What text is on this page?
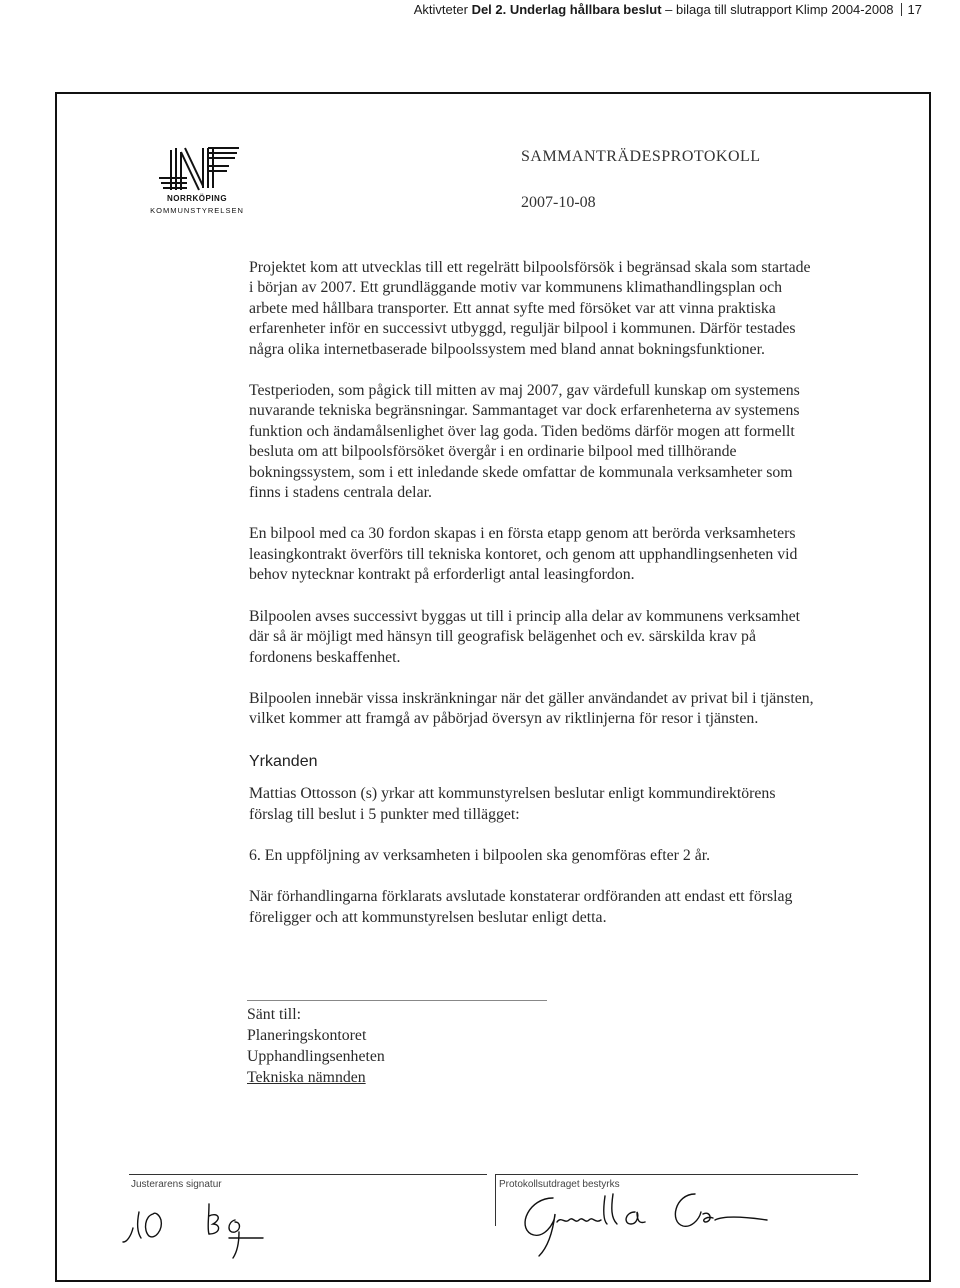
Aktivteter Del 2. Underlag hållbara beslut – bilaga till slutrapport Klimp 2004-2008 17
NORRKÖPING
KOMMUNSTYRELSEN
SAMMANTRÄDESPROTOKOLL
2007-10-08

Projektet kom att utvecklas till ett regelrätt bilpoolsförsök i begränsad skala som startade i början av 2007. Ett grundläggande motiv var kommunens klimathandlingsplan och arbete med hållbara transporter. Ett annat syfte med försöket var att vinna praktiska erfarenheter inför en successivt utbyggd, reguljär bilpool i kommunen. Därför testades några olika internetbaserade bilpoolssystem med bland annat bokningsfunktioner.

Testperioden, som pågick till mitten av maj 2007, gav värdefull kunskap om systemens nuvarande tekniska begränsningar. Sammantaget var dock erfarenheterna av systemens funktion och ändamålsenlighet över lag goda. Tiden bedöms därför mogen att formellt besluta om att bilpoolsförsöket övergår i en ordinarie bilpool med tillhörande bokningssystem, som i ett inledande skede omfattar de kommunala verksamheter som finns i stadens centrala delar.

En bilpool med ca 30 fordon skapas i en första etapp genom att berörda verksamheters leasingkontrakt överförs till tekniska kontoret, och genom att upphandlingsenheten vid behov nytecknar kontrakt på erforderligt antal leasingfordon.

Bilpoolen avses successivt byggas ut till i princip alla delar av kommunens verksamhet där så är möjligt med hänsyn till geografisk belägenhet och ev. särskilda krav på fordonens beskaffenhet.

Bilpoolen innebär vissa inskränkningar när det gäller användandet av privat bil i tjänsten, vilket kommer att framgå av påbörjad översyn av riktlinjerna för resor i tjänsten.

Yrkanden

Mattias Ottosson (s) yrkar att kommunstyrelsen beslutar enligt kommundirektörens förslag till beslut i 5 punkter med tillägget:

6. En uppföljning av verksamheten i bilpoolen ska genomföras efter 2 år.

När förhandlingarna förklarats avslutade konstaterar ordföranden att endast ett förslag föreligger och att kommunstyrelsen beslutar enligt detta.

Sänt till:
Planeringskontoret
Upphandlingsenheten
Tekniska nämnden
Justerarens signatur	Protokollsutdraget bestyrks
